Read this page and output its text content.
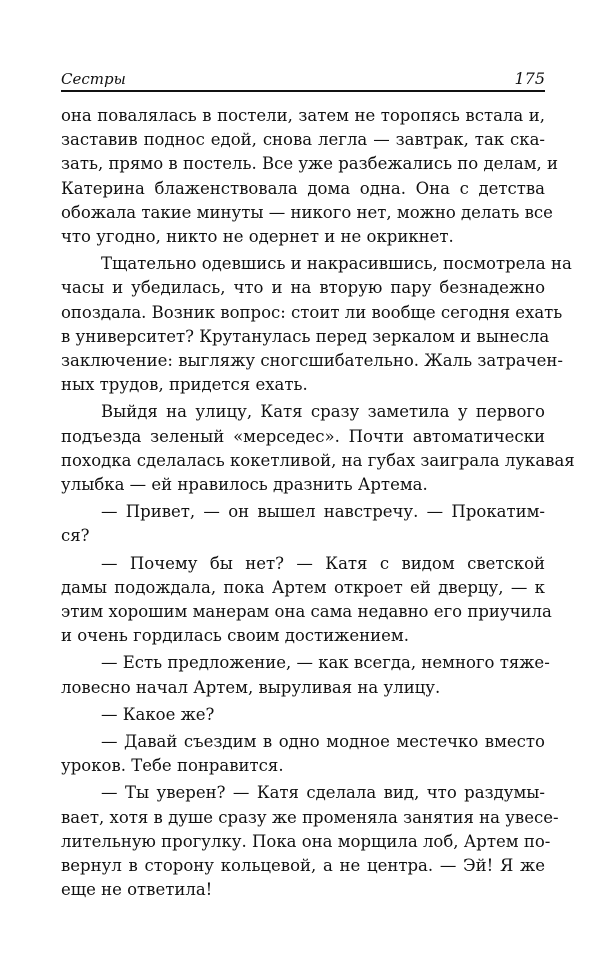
Сестры	175
она повалялась в постели, затем не торопясь встала и,
заставив поднос едой, снова легла — завтрак, так ска-
зать, прямо в постель. Все уже разбежались по делам, и
Катерина блаженствовала дома одна. Она с детства
обожала такие минуты — никого нет, можно делать все
что угодно, никто не одернет и не окрикнет.
Тщательно одевшись и накрасившись, посмотрела на
часы и убедилась, что и на вторую пару безнадежно
опоздала. Возник вопрос: стоит ли вообще сегодня ехать
в университет? Крутанулась перед зеркалом и вынесла
заключение: выгляжу сногсшибательно. Жаль затрачен-
ных трудов, придется ехать.
Выйдя на улицу, Катя сразу заметила у первого
подъезда зеленый «мерседес». Почти автоматически
походка сделалась кокетливой, на губах заиграла лукавая
улыбка — ей нравилось дразнить Артема.
— Привет, — он вышел навстречу. — Прокатим-
ся?
— Почему бы нет? — Катя с видом светской
дамы подождала, пока Артем откроет ей дверцу, — к
этим хорошим манерам она сама недавно его приучила
и очень гордилась своим достижением.
— Есть предложение, — как всегда, немного тяже-
ловесно начал Артем, выруливая на улицу.
— Какое же?
— Давай съездим в одно модное местечко вместо
уроков. Тебе понравится.
— Ты уверен? — Катя сделала вид, что раздумы-
вает, хотя в душе сразу же променяла занятия на увесе-
лительную прогулку. Пока она морщила лоб, Артем по-
вернул в сторону кольцевой, а не центра. — Эй! Я же
еще не ответила!
